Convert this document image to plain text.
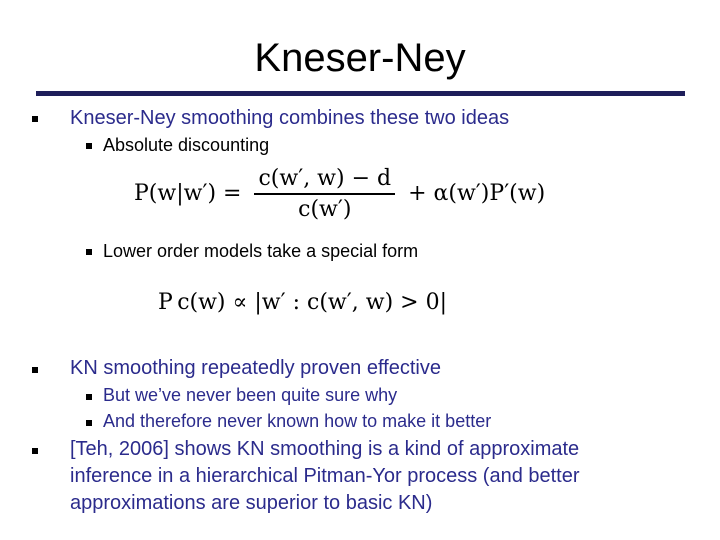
Kneser-Ney
Kneser-Ney smoothing combines these two ideas
Absolute discounting
$P(w|w') = \frac{c(w', w) - d}{c(w')} + \alpha(w')P'(w)$
Lower order models take a special form
P c(w) ∝ |w′ : c(w′, w) > 0|
KN smoothing repeatedly proven effective
But we’ve never been quite sure why
And therefore never known how to make it better
[Teh, 2006] shows KN smoothing is a kind of approximate
inference in a hierarchical Pitman-Yor process (and better
approximations are superior to basic KN)
